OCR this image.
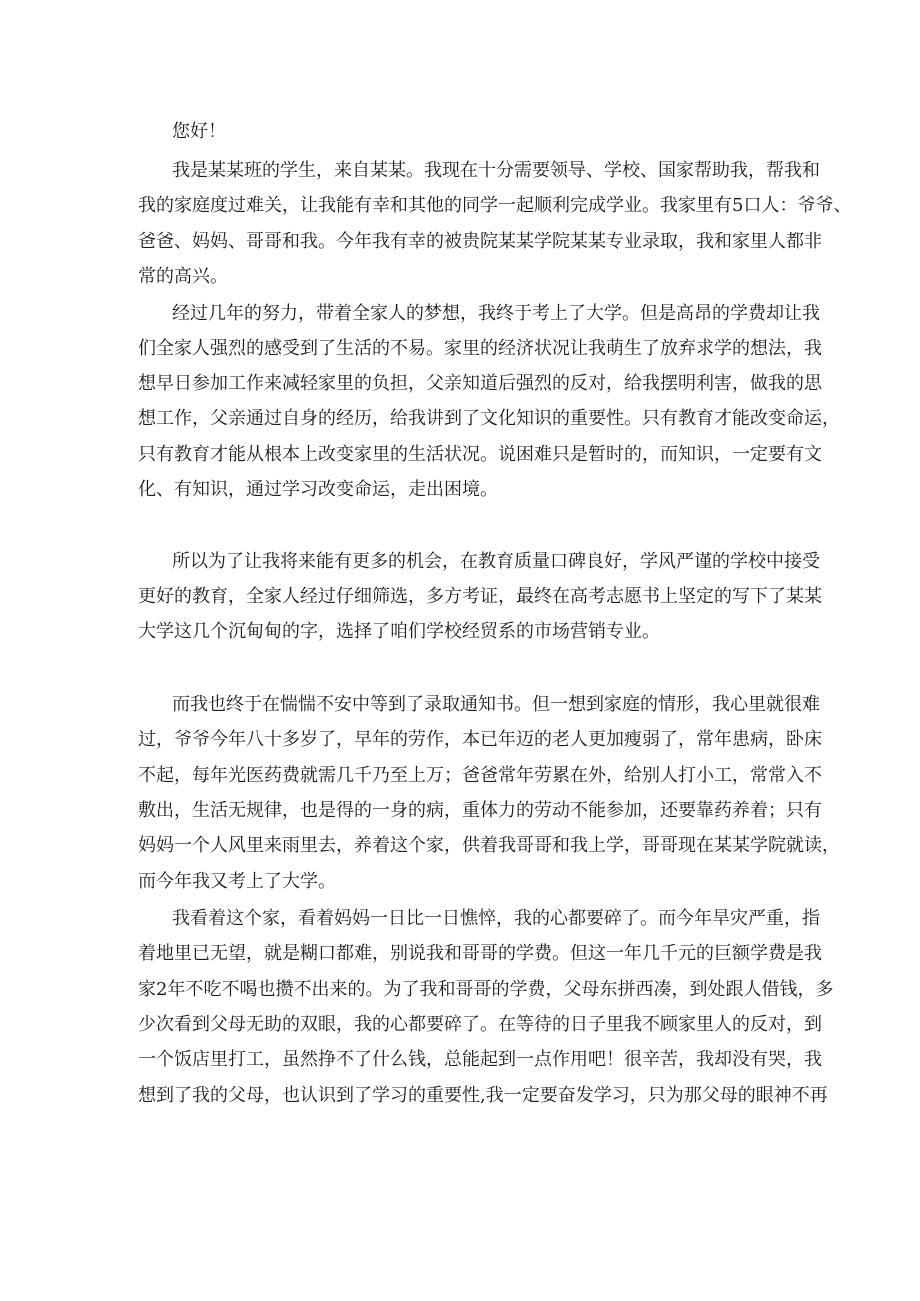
您好！

我是某某班的学生，来自某某。我现在十分需要领导、学校、国家帮助我，帮我和

我的家庭度过难关，让我能有幸和其他的同学一起顺利完成学业。我家里有5口人：爷爷、

爸爸、妈妈、哥哥和我。今年我有幸的被贵院某某学院某某专业录取，我和家里人都非

常的高兴。

经过几年的努力，带着全家人的梦想，我终于考上了大学。但是高昂的学费却让我

们全家人强烈的感受到了生活的不易。家里的经济状况让我萌生了放弃求学的想法，我

想早日参加工作来减轻家里的负担，父亲知道后强烈的反对，给我摆明利害，做我的思

想工作，父亲通过自身的经历，给我讲到了文化知识的重要性。只有教育才能改变命运，

只有教育才能从根本上改变家里的生活状况。说困难只是暂时的，而知识，一定要有文

化、有知识，通过学习改变命运，走出困境。

所以为了让我将来能有更多的机会，在教育质量口碑良好，学风严谨的学校中接受

更好的教育，全家人经过仔细筛选，多方考证，最终在高考志愿书上坚定的写下了某某

大学这几个沉甸甸的字，选择了咱们学校经贸系的市场营销专业。

而我也终于在惴惴不安中等到了录取通知书。但一想到家庭的情形，我心里就很难

过，爷爷今年八十多岁了，早年的劳作，本已年迈的老人更加瘦弱了，常年患病，卧床

不起，每年光医药费就需几千乃至上万；爸爸常年劳累在外，给别人打小工，常常入不

敷出，生活无规律，也是得的一身的病，重体力的劳动不能参加，还要靠药养着；只有

妈妈一个人风里来雨里去，养着这个家，供着我哥哥和我上学，哥哥现在某某学院就读，

而今年我又考上了大学。

我看着这个家，看着妈妈一日比一日憔悴，我的心都要碎了。而今年旱灾严重，指

着地里已无望，就是糊口都难，别说我和哥哥的学费。但这一年几千元的巨额学费是我

家2年不吃不喝也攒不出来的。为了我和哥哥的学费，父母东拼西凑，到处跟人借钱，多

少次看到父母无助的双眼，我的心都要碎了。在等待的日子里我不顾家里人的反对，到

一个饭店里打工，虽然挣不了什么钱，总能起到一点作用吧！很辛苦，我却没有哭，我

想到了我的父母，也认识到了学习的重要性,我一定要奋发学习，只为那父母的眼神不再
